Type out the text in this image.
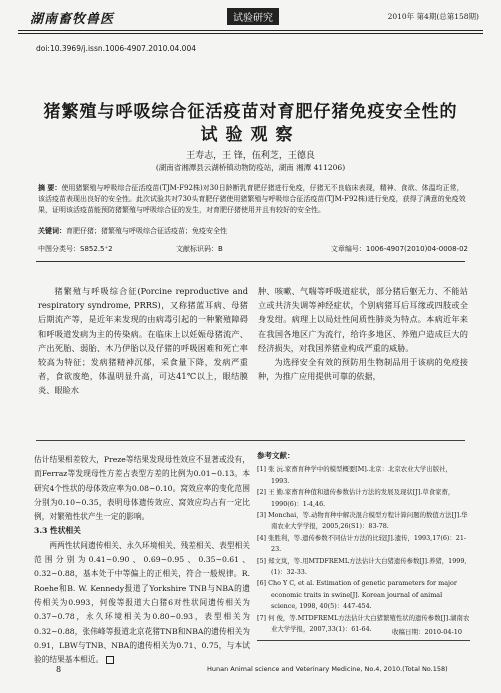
湖南畜牧兽医	试验研究	2010年 第4期(总第158期)
doi:10.3969/j.issn.1006-4907.2010.04.004
猪繁殖与呼吸综合征活疫苗对育肥仔猪免疫安全性的
试验观察
王寿志，王 锋，伍利芝，王德良
(湖南省湘潭县云湖桥镇动物防疫站，湖南 湘潭 411206)
摘 要：使用猪繁殖与呼吸综合征活疫苗(TJM-F92株)对30日龄断乳育肥仔猪进行免疫，仔猪无不良临床表现，精神、食欲、体温均正常，该活疫苗表现出良好的安全性。此次试验共对730头育肥仔猪使用猪繁殖与呼吸综合征活疫苗(TJM-F92株)进行免疫，获得了满意的免疫效果，证明该活疫苗能预防猪繁殖与呼吸综合征的发生，对育肥仔猪使用并且有较好的安全性。
关键词：育肥仔猪；猪繁殖与呼吸综合征活疫苗；免疫安全性
中图分类号：S852.5⁺2	文献标识码：B	文章编号：1006-4907(2010)04-0008-02

猪繁殖与呼吸综合征(Porcine reproductive and respiratory syndrome, PRRS)，又称猪蓝耳病、母猪后期流产等，是近年来发现的由病毒引起的一种繁殖障碍和呼吸道发病为主的传染病。在临床上以妊娠母猪流产、产出死胎、弱胎、木乃伊胎以及仔猪的呼吸困难和死亡率较高为特征；发病猪精神沉郁，采食量下降，发病严重者，食欲废绝，体温明显升高，可达41℃以上，眼结膜炎、眼睑水

肿、咳嗽、气喘等呼吸道症状，部分猪后躯无力、不能站立或共济失调等神经症状，个别病猪耳后耳缘或四肢或全身发绀。病理上以局灶性间质性肺炎为特点。本病近年来在我国各地区广为流行，给许多地区、养殖户造成巨大的经济损失，对我国养猪业构成严重的威胁。

为选择安全有效的预防用生物制品用于该病的免疫接种，为推广应用提供可靠的依据，

估计结果相差较大，Preze等结果发现母性效应不显著或没有，而Ferraz等发现母性方差占表型方差的比例为0.01~0.13。本研究4个性状的母体效应率为0.08~0.10。窝效应率的变化范围分别为0.10~0.35，表明母体遗传效应、窝效应均占有一定比例，对繁殖性状产生一定的影响。

3.3 性状相关

两两性状间遗传相关、永久环境相关、残差相关、表型相关范围分别为0.41~0.90、0.69~0.95、0.35~0.61、0.32~0.88，基本处于中等偏上的正相关，符合一般规律。R. Roehe和B. W. Kennedy报道了Yorkshire TNB与NBA的遗传相关为0.993，何俊等报道大白猪6对性状间遗传相关为0.37~0.78，永久环境相关为0.80~0.93，表型相关为0.32~0.88，张伟峰等报道北京花猪TNB和NBA的遗传相关为0.91，LBW与TNB、NBA的遗传相关为0.71、0.75，与本试验的结果基本相近。

参考文献：
[1] 张 沅.家畜育种学中的模型概要[M].北京：北京农业大学出版社，1993.
[2] 王 勤.家畜育种值和遗传参数估计方法的发展及现状[J].草食家畜，1990(6)：1-4,46.
[3] Monchai，等.动物育种中解决混合模型方程计算问题的数值方法[J].华南农业大学学报，2005,26(S1)：83-78.
[4] 张胜利，等.遗传参数不同估计方法的比较[J].遗传，1993,17(6)：21-23.
[5] 郑文岚，等.用MTDFREML方法估计大白猪遗传参数[J].养猪，1999,(1)：32-33.
[6] Cho Y C, et al. Estimation of genetic parameters for major economic traits in swine[J]. Korean journal of animal science, 1998, 40(5)：447-454.
[7] 何 俊，等.MTDFREML方法估计大白猪繁殖性状的遗传参数[J].湖南农业大学学报，2007,33(1)：61-64.	收稿日期：2010-04-10
8	Hunan Animal science and Veterinary Medicine, No.4, 2010.(Total No.158)
